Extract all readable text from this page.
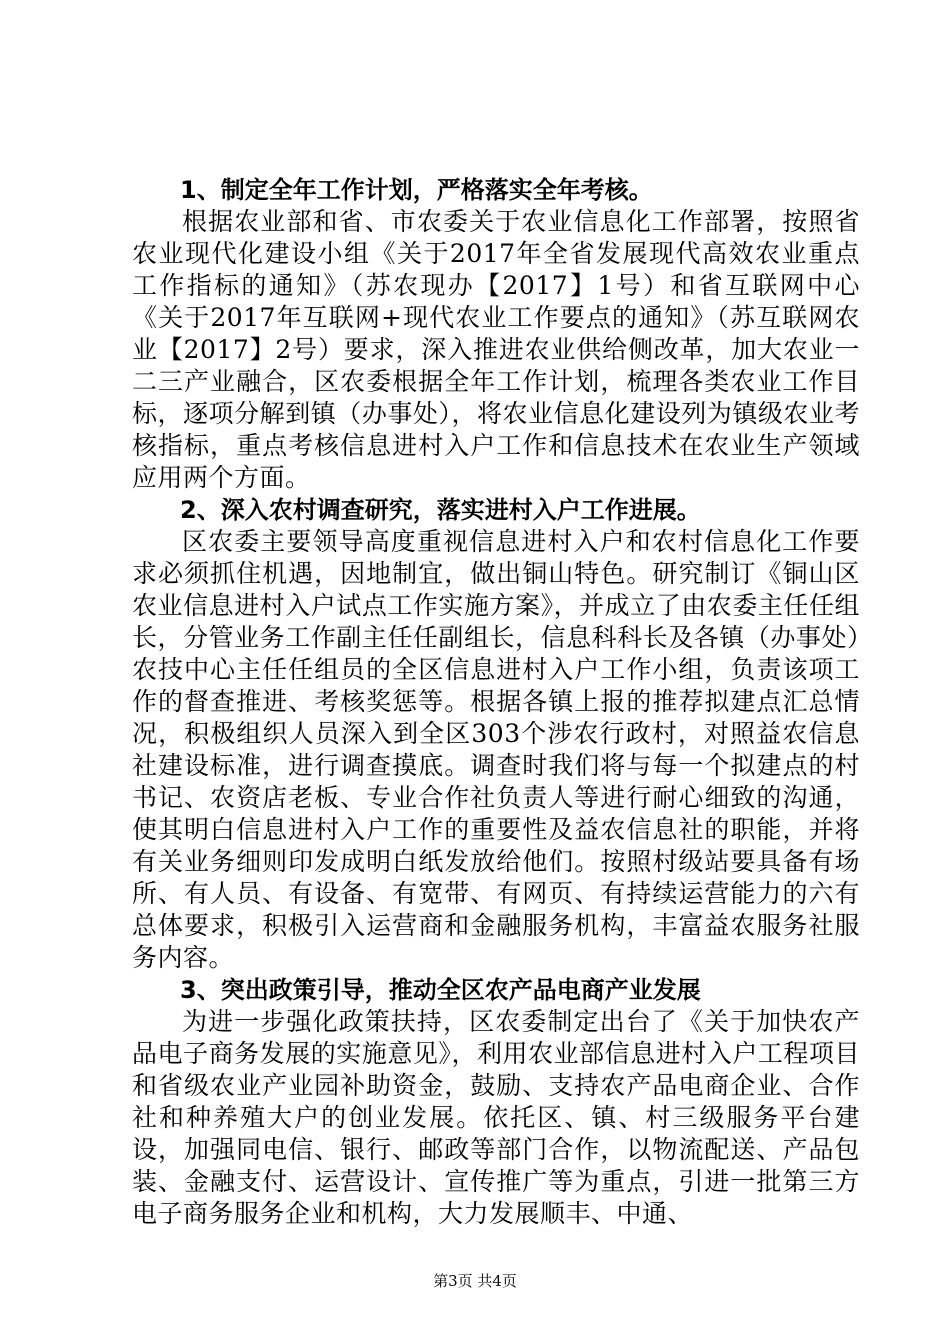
1、制定全年工作计划，严格落实全年考核。

根据农业部和省、市农委关于农业信息化工作部署，按照省农业现代化建设小组《关于2017年全省发展现代高效农业重点工作指标的通知》（苏农现办【2017】1号）和省互联网中心《关于2017年互联网+现代农业工作要点的通知》（苏互联网农业【2017】2号）要求，深入推进农业供给侧改革，加大农业一二三产业融合，区农委根据全年工作计划，梳理各类农业工作目标，逐项分解到镇（办事处），将农业信息化建设列为镇级农业考核指标，重点考核信息进村入户工作和信息技术在农业生产领域应用两个方面。

2、深入农村调查研究，落实进村入户工作进展。

区农委主要领导高度重视信息进村入户和农村信息化工作要求必须抓住机遇，因地制宜，做出铜山特色。研究制订《铜山区农业信息进村入户试点工作实施方案》，并成立了由农委主任任组长，分管业务工作副主任任副组长，信息科科长及各镇（办事处）农技中心主任任组员的全区信息进村入户工作小组，负责该项工作的督查推进、考核奖惩等。根据各镇上报的推荐拟建点汇总情况，积极组织人员深入到全区303个涉农行政村，对照益农信息社建设标准，进行调查摸底。调查时我们将与每一个拟建点的村书记、农资店老板、专业合作社负责人等进行耐心细致的沟通，使其明白信息进村入户工作的重要性及益农信息社的职能，并将有关业务细则印发成明白纸发放给他们。按照村级站要具备有场所、有人员、有设备、有宽带、有网页、有持续运营能力的六有总体要求，积极引入运营商和金融服务机构，丰富益农服务社服务内容。

3、突出政策引导，推动全区农产品电商产业发展

为进一步强化政策扶持，区农委制定出台了《关于加快农产品电子商务发展的实施意见》，利用农业部信息进村入户工程项目和省级农业产业园补助资金，鼓励、支持农产品电商企业、合作社和种养殖大户的创业发展。依托区、镇、村三级服务平台建设，加强同电信、银行、邮政等部门合作，以物流配送、产品包装、金融支付、运营设计、宣传推广等为重点，引进一批第三方电子商务服务企业和机构，大力发展顺丰、中通、

第3页 共4页
